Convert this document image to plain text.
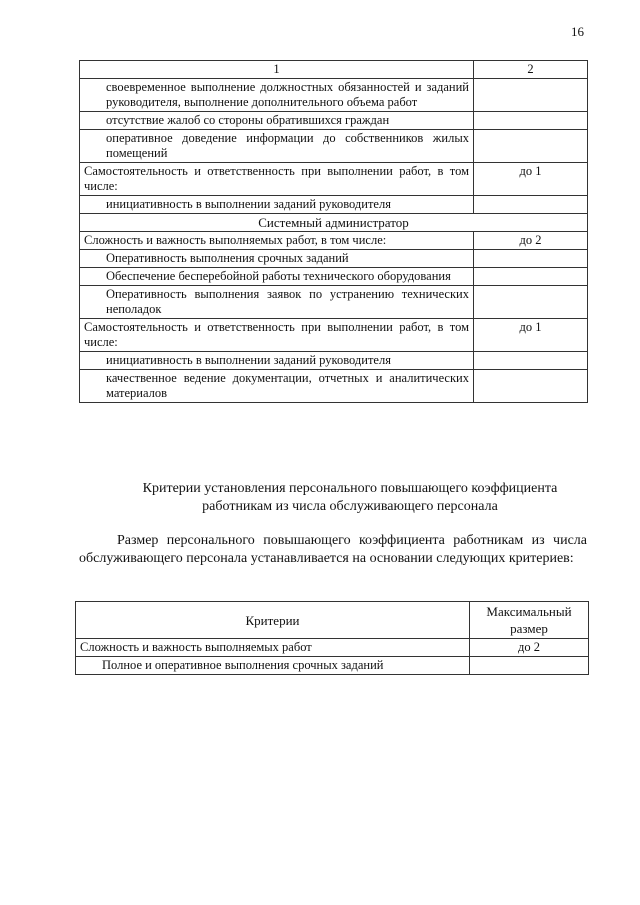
16
1	2
своевременное выполнение должностных обязанностей и заданий руководителя, выполнение дополнительного объема работ	
отсутствие жалоб со стороны обратившихся граждан	
оперативное доведение информации до собственников жилых помещений	
Самостоятельность и ответственность при выполнении работ, в том числе:	до 1
инициативность в выполнении заданий руководителя	
Системный администратор	
Сложность и важность выполняемых работ, в том числе:	до 2
Оперативность выполнения срочных заданий	
Обеспечение бесперебойной работы технического оборудования	
Оперативность выполнения заявок по устранению технических неполадок	
Самостоятельность и ответственность при выполнении работ, в том числе:	до 1
инициативность в выполнении заданий руководителя	
качественное ведение документации, отчетных и аналитических материалов	
Критерии установления персонального повышающего коэффициента работникам из числа обслуживающего персонала
Размер персонального повышающего коэффициента работникам из числа обслуживающего персонала устанавливается на основании следующих критериев:
Критерии	Максимальный размер
Сложность и важность выполняемых работ	до 2
Полное и оперативное выполнения срочных заданий	
